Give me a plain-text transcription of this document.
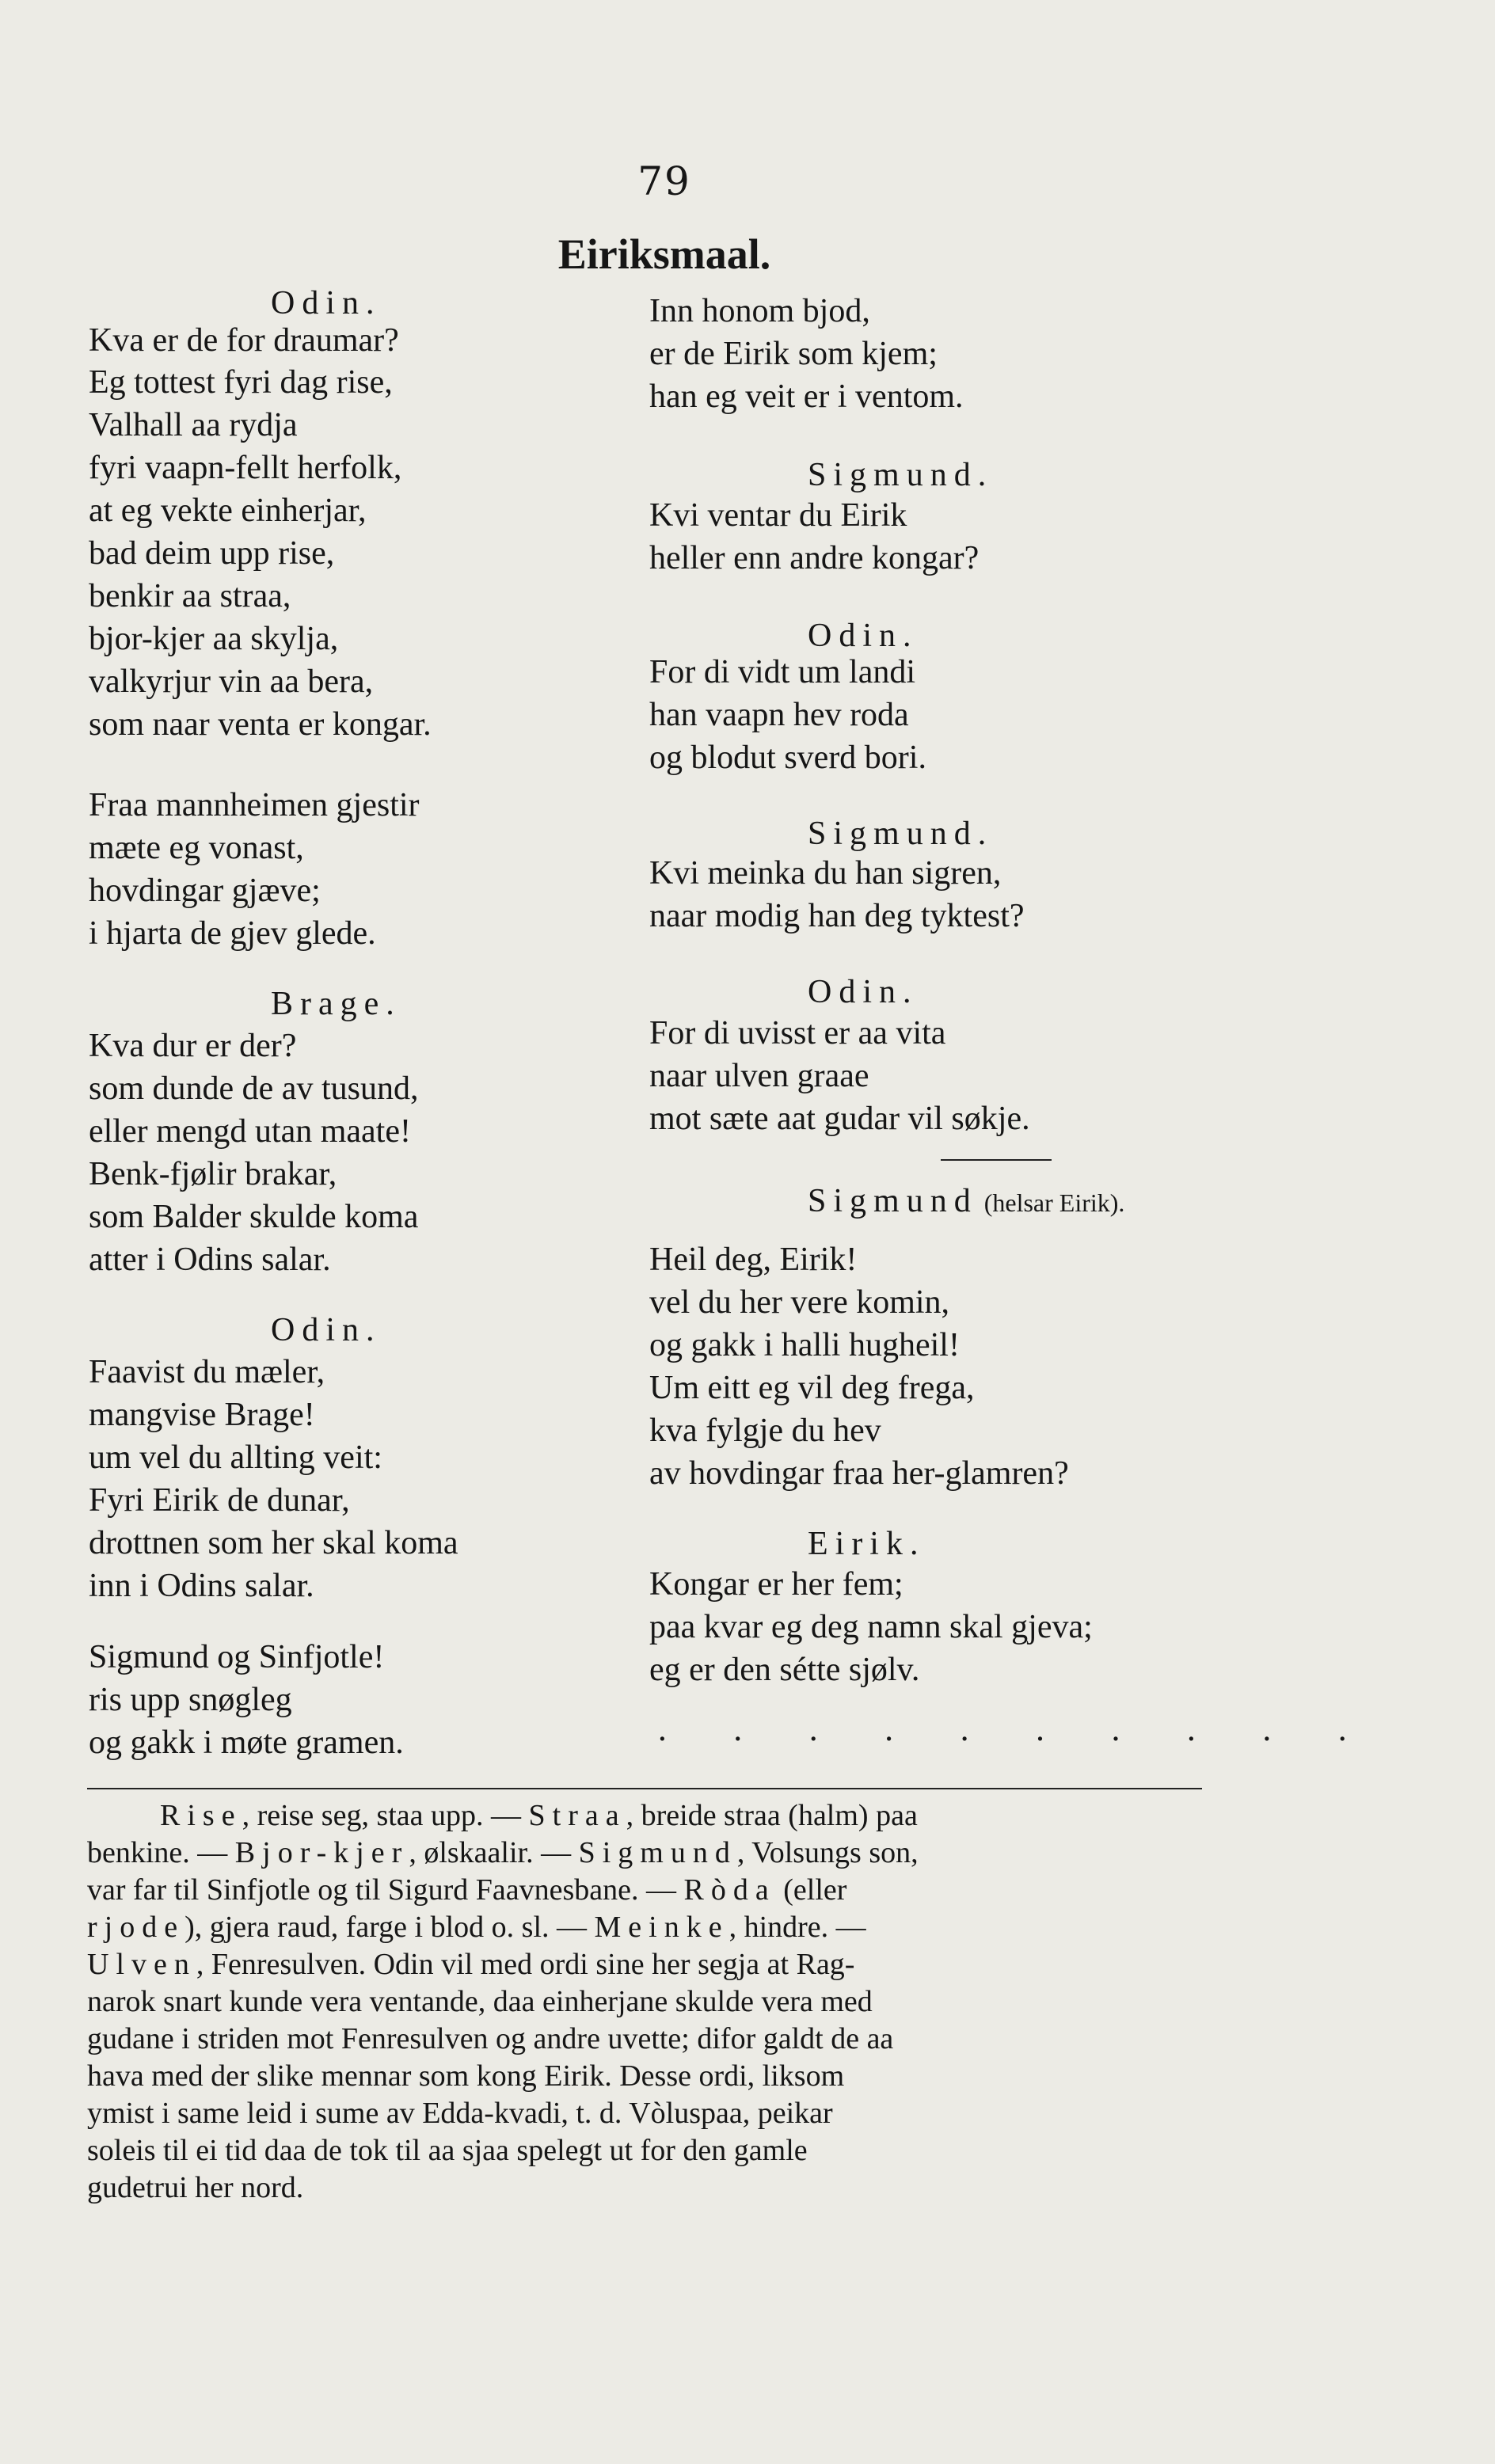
79
Eiriksmaal.
Odin.
Kva er de for draumar?
Eg tottest fyri dag rise,
Valhall aa rydja
fyri vaapn-fellt herfolk,
at eg vekte einherjar,
bad deim upp rise,
benkir aa straa,
bjor-kjer aa skylja,
valkyrjur vin aa bera,
som naar venta er kongar.
Fraa mannheimen gjestir
mæte eg vonast,
hovdingar gjæve;
i hjarta de gjev glede.
Brage.
Kva dur er der?
som dunde de av tusund,
eller mengd utan maate!
Benk-fjølir brakar,
som Balder skulde koma
atter i Odins salar.
Odin.
Faavist du mæler,
mangvise Brage!
um vel du allting veit:
Fyri Eirik de dunar,
drottnen som her skal koma
inn i Odins salar.
Sigmund og Sinfjotle!
ris upp snøgleg
og gakk i møte gramen.
Inn honom bjod,
er de Eirik som kjem;
han eg veit er i ventom.
Sigmund.
Kvi ventar du Eirik
heller enn andre kongar?
Odin.
For di vidt um landi
han vaapn hev roda
og blodut sverd bori.
Sigmund.
Kvi meinka du han sigren,
naar modig han deg tyktest?
Odin.
For di uvisst er aa vita
naar ulven graae
mot sæte aat gudar vil søkje.
Sigmund (helsar Eirik).
Heil deg, Eirik!
vel du her vere komin,
og gakk i halli hugheil!
Um eitt eg vil deg frega,
kva fylgje du hev
av hovdingar fraa her-glamren?
Eirik.
Kongar er her fem;
paa kvar eg deg namn skal gjeva;
eg er den sétte sjølv.
. . . . . . . . . .
Rise, reise seg, staa upp. — Straa, breide straa (halm) paa
benkine. — Bjor-kjer, ølskaalir. — Sigmund, Volsungs son,
var far til Sinfjotle og til Sigurd Faavnesbane. — Ròda (eller
rjode), gjera raud, farge i blod o. sl. — Meinke, hindre. —
Ulven, Fenresulven. Odin vil med ordi sine her segja at Rag-
narok snart kunde vera ventande, daa einherjane skulde vera med
gudane i striden mot Fenresulven og andre uvette; difor galdt de aa
hava med der slike mennar som kong Eirik. Desse ordi, liksom
ymist i same leid i sume av Edda-kvadi, t. d. Vòluspaa, peikar
soleis til ei tid daa de tok til aa sjaa spelegt ut for den gamle
gudetrui her nord.
